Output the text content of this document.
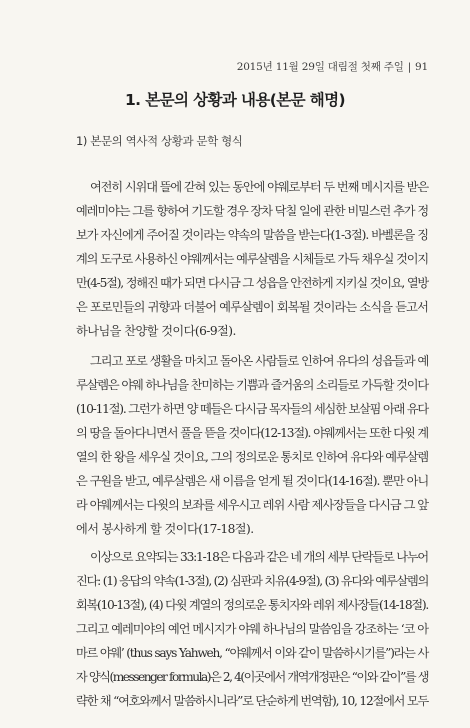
2015년 11월 29일 대림절 첫째 주일 | 91
1. 본문의 상황과 내용(본문 해명)
1) 본문의 역사적 상황과 문학 형식
여전히 시위대 뜰에 갇혀 있는 동안에 야웨로부터 두 번째 메시지를 받은
예레미야는 그를 향하여 기도할 경우 장차 닥칠 일에 관한 비밀스런 추가 정
보가 자신에게 주어질 것이라는 약속의 말씀을 받는다(1-3절). 바벨론을 징
계의 도구로 사용하신 야웨께서는 예루살렘을 시체들로 가득 채우실 것이지
만(4-5절), 정해진 때가 되면 다시금 그 성읍을 안전하게 지키실 것이요, 열방
은 포로민들의 귀향과 더불어 예루살렘이 회복될 것이라는 소식을 듣고서
하나님을 찬양할 것이다(6-9절).
그리고 포로 생활을 마치고 돌아온 사람들로 인하여 유다의 성읍들과 예
루살렘은 야웨 하나님을 찬미하는 기쁨과 즐거움의 소리들로 가득할 것이다
(10-11절). 그런가 하면 양 떼들은 다시금 목자들의 세심한 보살핌 아래 유다
의 땅을 돌아다니면서 풀을 뜯을 것이다(12-13절). 야웨께서는 또한 다윗 계
열의 한 왕을 세우실 것이요, 그의 정의로운 통치로 인하여 유다와 예루살렘
은 구원을 받고, 예루살렘은 새 이름을 얻게 될 것이다(14-16절). 뿐만 아니
라 야웨께서는 다윗의 보좌를 세우시고 레위 사람 제사장들을 다시금 그 앞
에서 봉사하게 할 것이다(17-18절).
이상으로 요약되는 33:1-18은 다음과 같은 네 개의 세부 단락들로 나누어
진다: (1) 응답의 약속(1-3절), (2) 심판과 치유(4-9절), (3) 유다와 예루살렘의
회복(10-13절), (4) 다윗 계열의 정의로운 통치자와 레위 제사장들(14-18절).
그리고 예레미야의 예언 메시지가 야웨 하나님의 말씀임을 강조하는 ‘코 아
마르 야웨’ (thus says Yahweh, “야웨께서 이와 같이 말씀하시기를”)라는 사
자 양식(messenger formula)은 2, 4(이곳에서 개역개정판은 “이와 같이”를 생
략한 채 “여호와께서 말씀하시니라”로 단순하게 번역함), 10, 12절에서 모두
